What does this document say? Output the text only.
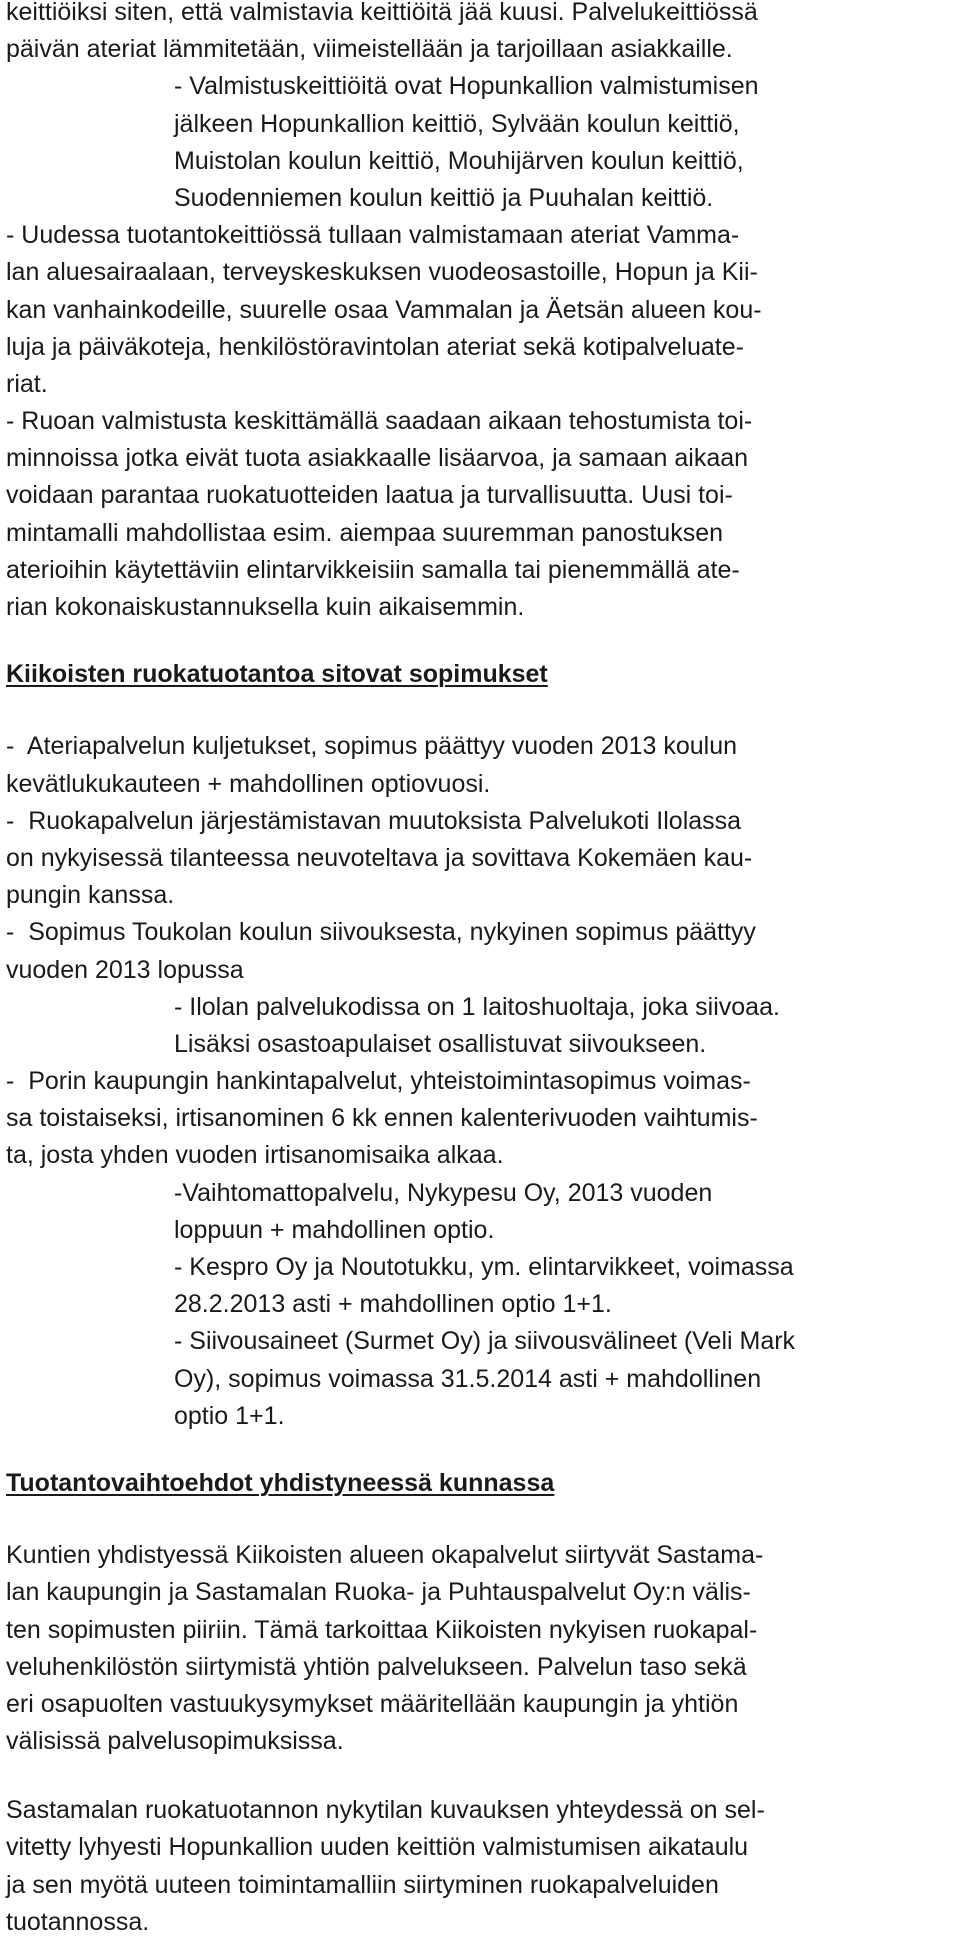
keittiöiksi siten, että valmistavia keittiöitä jää kuusi. Palvelukeittiössä
päivän ateriat lämmitetään, viimeistellään ja tarjoillaan asiakkaille.
- Valmistuskeittiöitä ovat Hopunkallion valmistumisen
jälkeen Hopunkallion keittiö, Sylvään koulun keittiö,
Muistolan koulun keittiö, Mouhijärven koulun keittiö,
Suodenniemen koulun keittiö ja Puuhalan keittiö.
- Uudessa tuotantokeittiössä tullaan valmistamaan ateriat Vamma-
lan aluesairaalaan, terveyskeskuksen vuodeosastoille, Hopun ja Kii-
kan vanhainkodeille, suurelle osaa Vammalan ja Äetsän alueen kou-
luja ja päiväkoteja, henkilöstöravintolan ateriat sekä kotipalveluate-
riat.
- Ruoan valmistusta keskittämällä saadaan aikaan tehostumista toi-
minnoissa jotka eivät tuota asiakkaalle lisäarvoa, ja samaan aikaan
voidaan parantaa ruokatuotteiden laatua ja turvallisuutta. Uusi toi-
mintamalli mahdollistaa esim. aiempaa suuremman panostuksen
aterioihin käytettäviin elintarvikkeisiin samalla tai pienemmällä ate-
rian kokonaiskustannuksella kuin aikaisemmin.
Kiikoisten ruokatuotantoa sitovat sopimukset
-  Ateriapalvelun kuljetukset, sopimus päättyy vuoden 2013 koulun
kevätlukukauteen + mahdollinen optiovuosi.
-  Ruokapalvelun järjestämistavan muutoksista Palvelukoti Ilolassa
on nykyisessä tilanteessa neuvoteltava ja sovittava Kokemäen kau-
pungin kanssa.
-  Sopimus Toukolan koulun siivouksesta, nykyinen sopimus päättyy
vuoden 2013 lopussa
- Ilolan palvelukodissa on 1 laitoshuoltaja, joka siivoaa.
Lisäksi osastoapulaiset osallistuvat siivoukseen.
-  Porin kaupungin hankintapalvelut, yhteistoimintasopimus voimas-
sa toistaiseksi, irtisanominen 6 kk ennen kalenterivuoden vaihtumis-
ta, josta yhden vuoden irtisanomisaika alkaa.
-Vaihtomattopalvelu, Nykypesu Oy, 2013 vuoden
loppuun + mahdollinen optio.
- Kespro Oy ja Noutotukku, ym. elintarvikkeet, voimassa
28.2.2013 asti + mahdollinen optio 1+1.
- Siivousaineet (Surmet Oy) ja siivousvälineet (Veli Mark
Oy), sopimus voimassa 31.5.2014 asti + mahdollinen
optio 1+1.
Tuotantovaihtoehdot yhdistyneessä kunnassa
Kuntien yhdistyessä Kiikoisten alueen okapalvelut siirtyvät Sastama-
lan kaupungin ja Sastamalan Ruoka- ja Puhtauspalvelut Oy:n välis-
ten sopimusten piiriin. Tämä tarkoittaa Kiikoisten nykyisen ruokapal-
veluhenkilöstön siirtymistä yhtiön palvelukseen. Palvelun taso sekä
eri osapuolten vastuukysymykset määritellään kaupungin ja yhtiön
välisissä palvelusopimuksissa.
Sastamalan ruokatuotannon nykytilan kuvauksen yhteydessä on sel-
vitetty lyhyesti Hopunkallion uuden keittiön valmistumisen aikataulu
ja sen myötä uuteen toimintamalliin siirtyminen ruokapalveluiden
tuotannossa.
